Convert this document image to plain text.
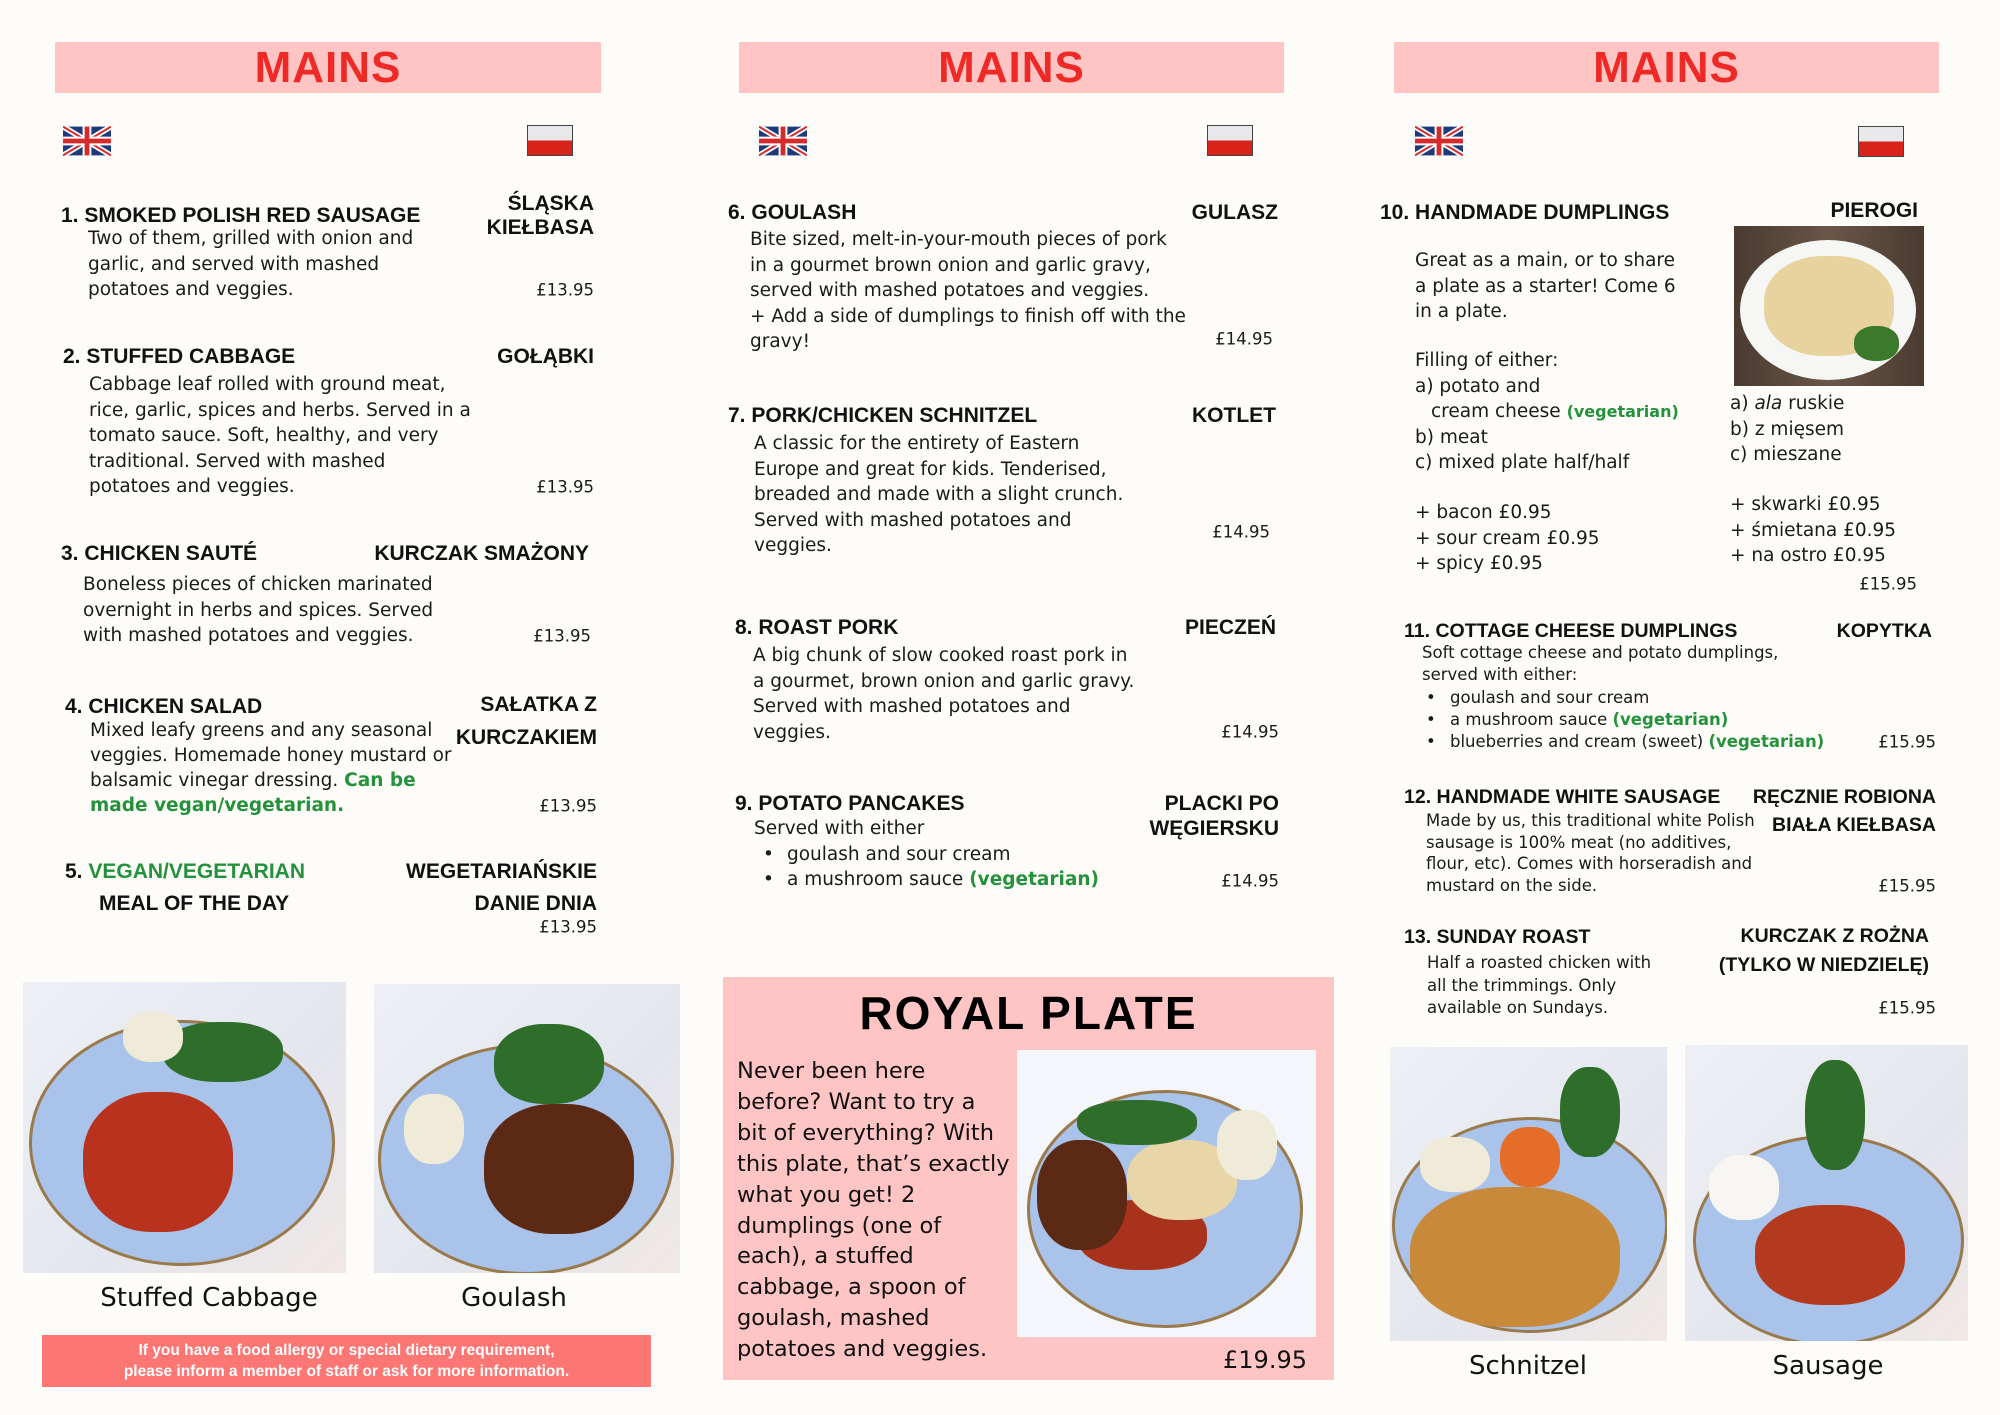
MAINS
1. SMOKED POLISH RED SAUSAGE
ŚLĄSKA
KIEŁBASA
Two of them, grilled with onion and
garlic, and served with mashed
potatoes and veggies.	£13.95
2. STUFFED CABBAGE	GOŁĄBKI
Cabbage leaf rolled with ground meat,
rice, garlic, spices and herbs. Served in a
tomato sauce. Soft, healthy, and very
traditional. Served with mashed
potatoes and veggies.	£13.95
3. CHICKEN SAUTÉ	KURCZAK SMAŻONY
Boneless pieces of chicken marinated
overnight in herbs and spices. Served
with mashed potatoes and veggies.	£13.95
4. CHICKEN SALAD	SAŁATKA Z
KURCZAKIEM
Mixed leafy greens and any seasonal
veggies. Homemade honey mustard or
balsamic vinegar dressing. Can be
made vegan/vegetarian.	£13.95
5. VEGAN/VEGETARIAN
MEAL OF THE DAY
WEGETARIAŃSKIE
DANIE DNIA
£13.95
Stuffed Cabbage	Goulash
If you have a food allergy or special dietary requirement,
please inform a member of staff or ask for more information.
MAINS
6. GOULASH	GULASZ
Bite sized, melt-in-your-mouth pieces of pork
in a gourmet brown onion and garlic gravy,
served with mashed potatoes and veggies.
+ Add a side of dumplings to finish off with the
gravy!	£14.95
7. PORK/CHICKEN SCHNITZEL	KOTLET
A classic for the entirety of Eastern
Europe and great for kids. Tenderised,
breaded and made with a slight crunch.
Served with mashed potatoes and
veggies.
£14.95
8. ROAST PORK	PIECZEŃ
A big chunk of slow cooked roast pork in
a gourmet, brown onion and garlic gravy.
Served with mashed potatoes and
veggies.	£14.95
9. POTATO PANCAKES	PLACKI PO
WĘGIERSKU
Served with either
• goulash and sour cream
• a mushroom sauce (vegetarian)	£14.95
ROYAL PLATE
Never been here
before? Want to try a
bit of everything? With
this plate, that’s exactly
what you get! 2
dumplings (one of
each), a stuffed
cabbage, a spoon of
goulash, mashed
potatoes and veggies.	£19.95
MAINS
10. HANDMADE DUMPLINGS	PIEROGI
Great as a main, or to share
a plate as a starter! Come 6
in a plate.
Filling of either:
a) potato and
cream cheese (vegetarian)
b) meat
c) mixed plate half/half
+ bacon £0.95
+ sour cream £0.95
+ spicy £0.95
a) ala ruskie
b) z mięsem
c) mieszane
+ skwarki £0.95
+ śmietana £0.95
+ na ostro £0.95
£15.95
11. COTTAGE CHEESE DUMPLINGS	KOPYTKA
Soft cottage cheese and potato dumplings,
served with either:
• goulash and sour cream
• a mushroom sauce (vegetarian)
• blueberries and cream (sweet) (vegetarian)	£15.95
12. HANDMADE WHITE SAUSAGE RĘCZNIE ROBIONA
BIAŁA KIEŁBASA
Made by us, this traditional white Polish
sausage is 100% meat (no additives,
flour, etc). Comes with horseradish and
mustard on the side.	£15.95
13. SUNDAY ROAST	KURCZAK Z ROŻNA
(TYLKO W NIEDZIELĘ)
Half a roasted chicken with
all the trimmings. Only
available on Sundays.	£15.95
Schnitzel	Sausage
